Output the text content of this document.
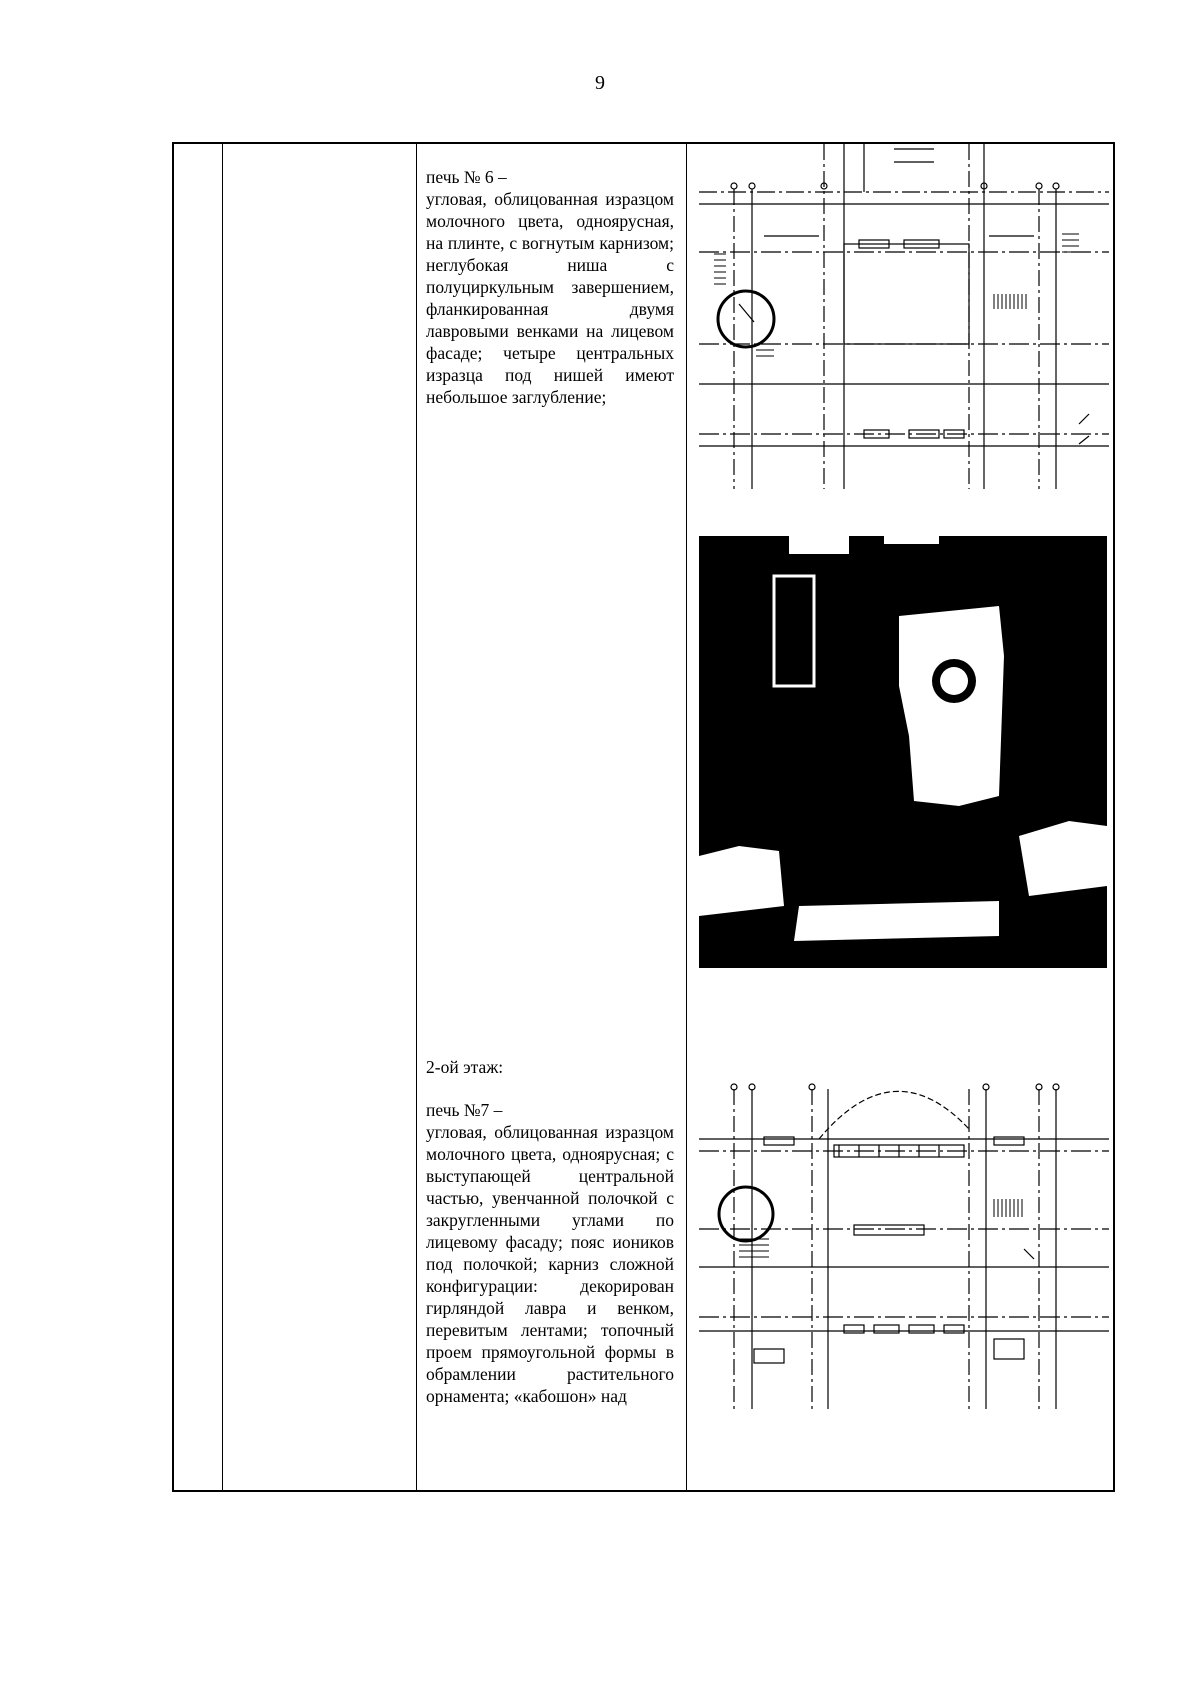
9

печь № 6 –

угловая, облицованная изразцом молочного цвета, одноярусная, на плинте, с вогнутым карнизом; неглубокая ниша с полуциркульным завершением, фланкированная двумя лавровыми венками на лицевом фасаде; четыре центральных изразца под нишей имеют небольшое заглубление;

2-ой этаж:

печь №7 –

угловая, облицованная изразцом молочного цвета, одноярусная; с выступающей центральной частью, увенчанной полочкой с закругленными углами по лицевому фасаду; пояс иоников под полочкой; карниз сложной конфигурации: декорирован гирляндой лавра и венком, перевитым лентами; топочный проем прямоугольной формы в обрамлении растительного орнамента; «кабошон» над
